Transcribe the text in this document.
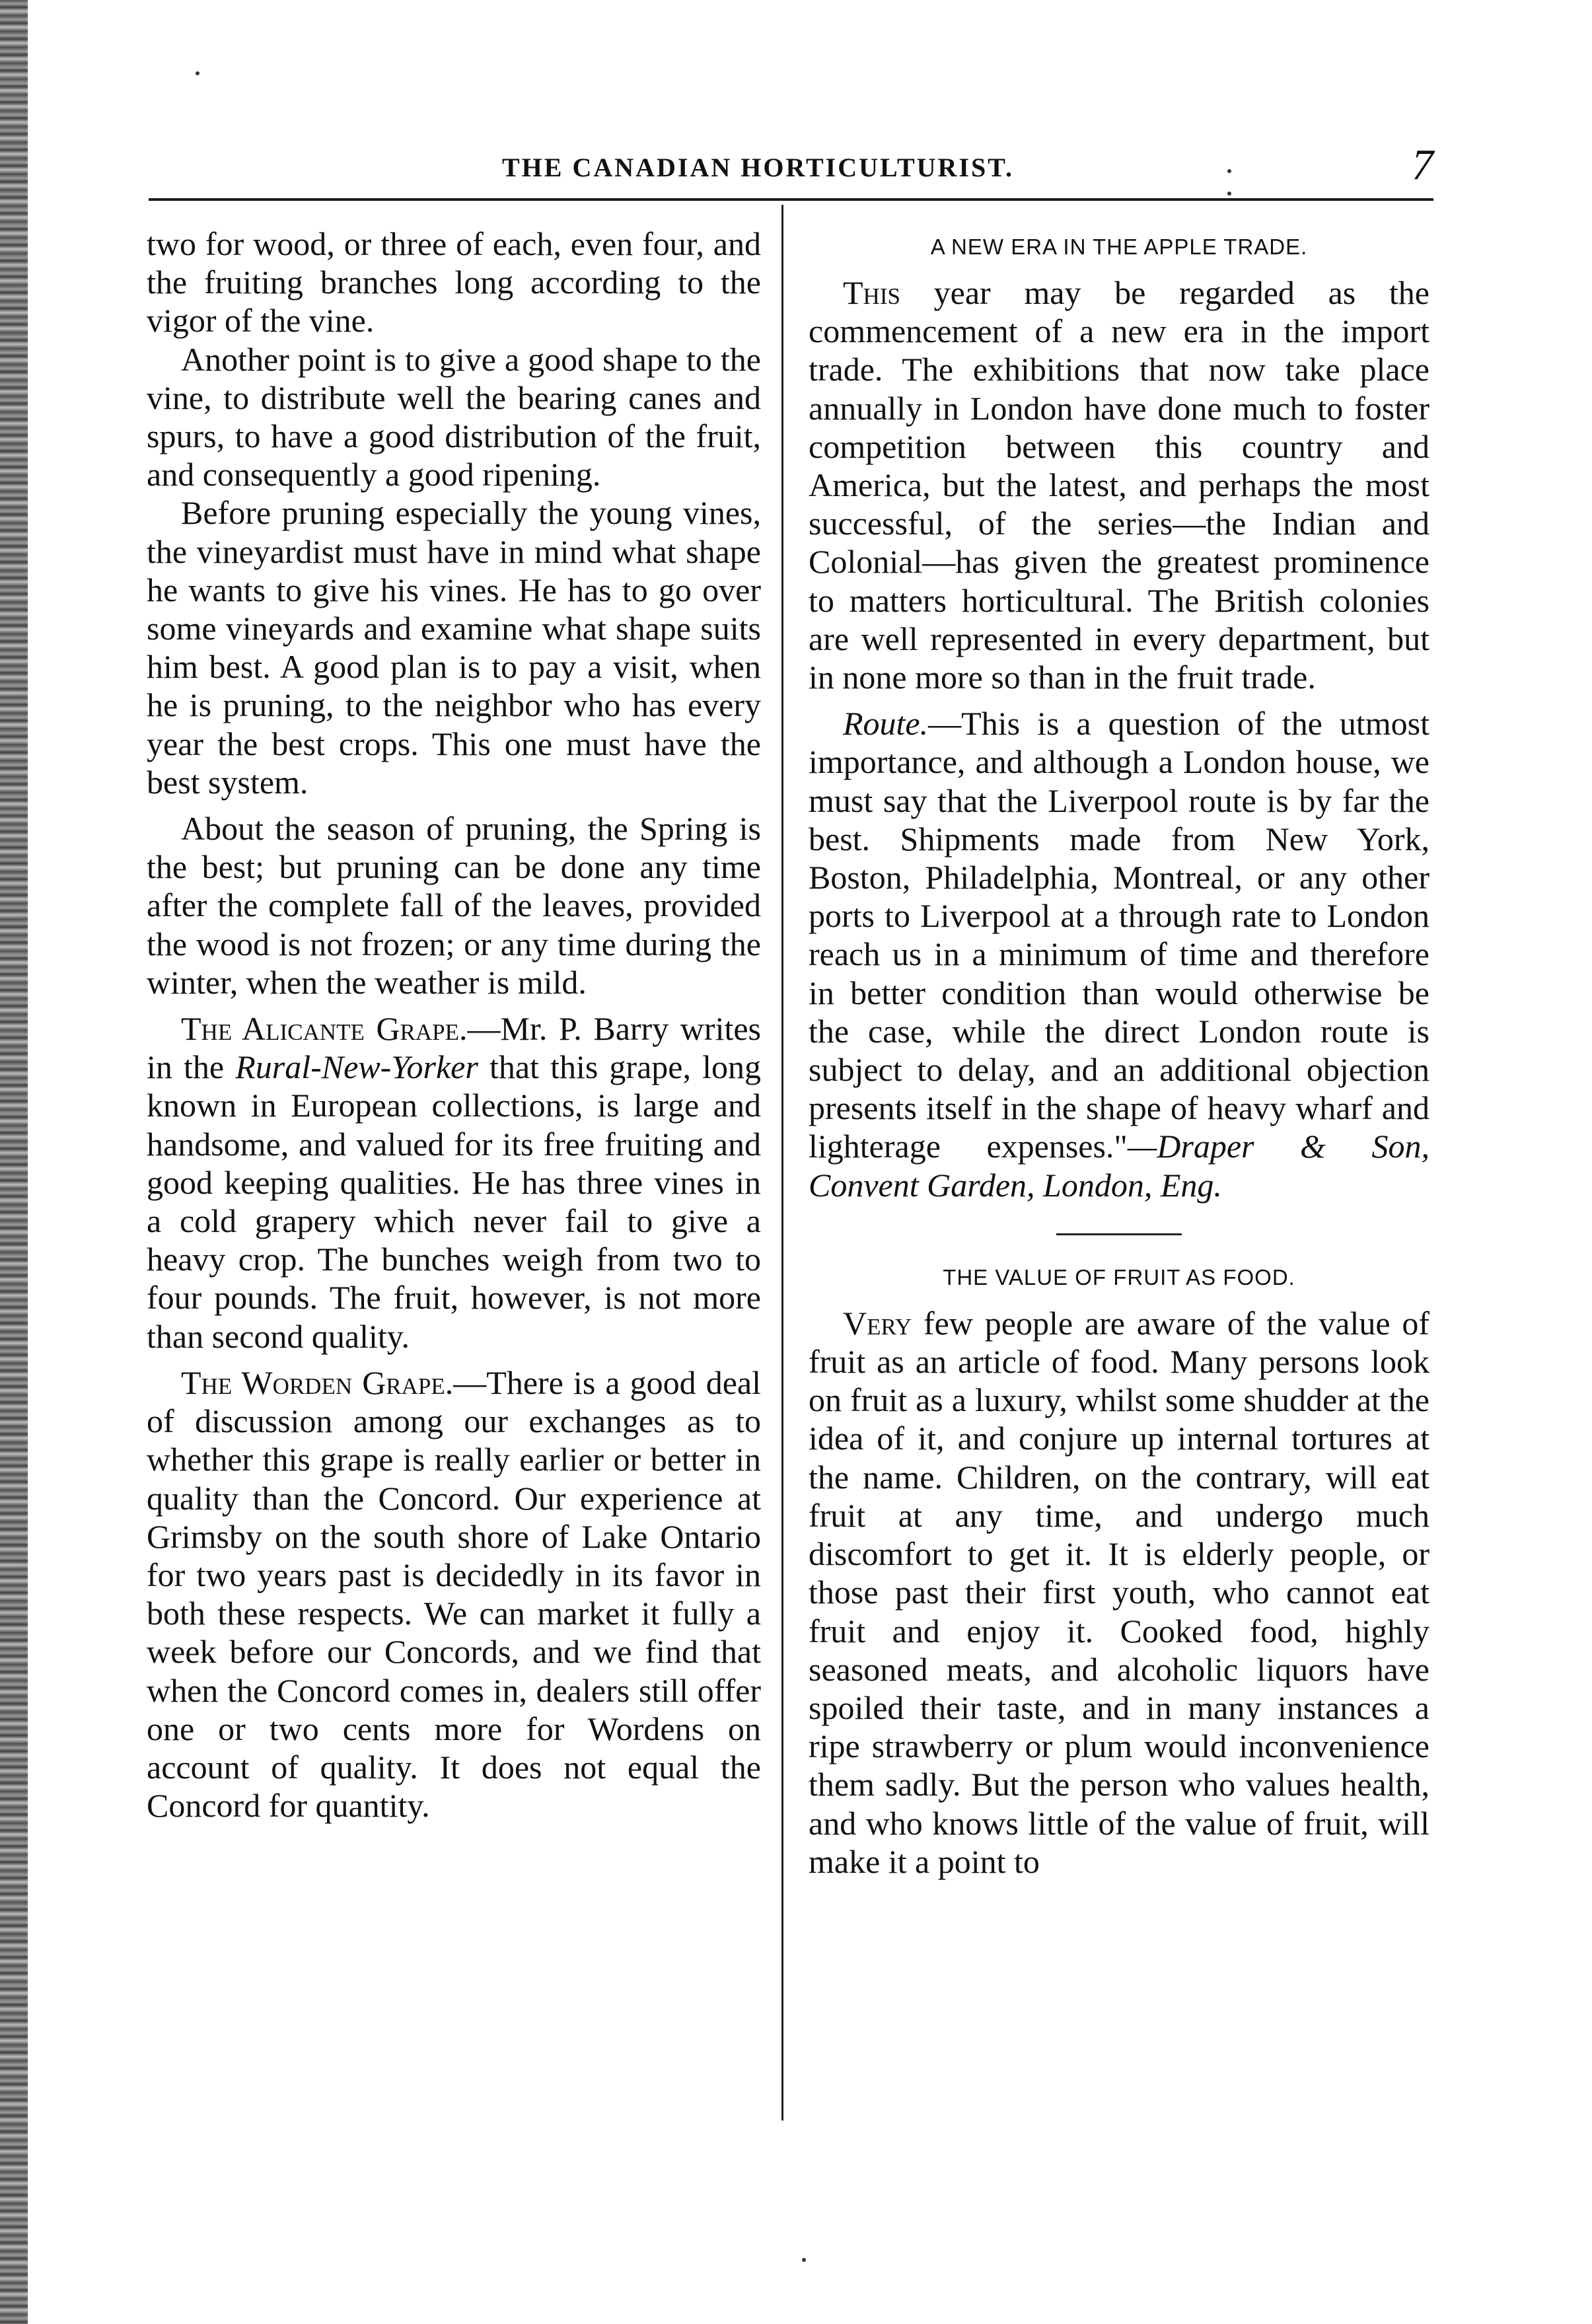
THE CANADIAN HORTICULTURIST.	7

two for wood, or three of each, even four, and the fruiting branches long according to the vigor of the vine.

Another point is to give a good shape to the vine, to distribute well the bearing canes and spurs, to have a good distribution of the fruit, and consequently a good ripening.

Before pruning especially the young vines, the vineyardist must have in mind what shape he wants to give his vines. He has to go over some vineyards and examine what shape suits him best. A good plan is to pay a visit, when he is pruning, to the neighbor who has every year the best crops. This one must have the best system.

About the season of pruning, the Spring is the best; but pruning can be done any time after the complete fall of the leaves, provided the wood is not frozen; or any time during the winter, when the weather is mild.

The Alicante Grape.—Mr. P. Barry writes in the Rural-New-Yorker that this grape, long known in European collections, is large and handsome, and valued for its free fruiting and good keeping qualities. He has three vines in a cold grapery which never fail to give a heavy crop. The bunches weigh from two to four pounds. The fruit, however, is not more than second quality.

The Worden Grape.—There is a good deal of discussion among our exchanges as to whether this grape is really earlier or better in quality than the Concord. Our experience at Grimsby on the south shore of Lake Ontario for two years past is decidedly in its favor in both these respects. We can market it fully a week before our Concords, and we find that when the Concord comes in, dealers still offer one or two cents more for Wordens on account of quality. It does not equal the Concord for quantity.

A NEW ERA IN THE APPLE TRADE.

This year may be regarded as the commencement of a new era in the import trade. The exhibitions that now take place annually in London have done much to foster competition between this country and America, but the latest, and perhaps the most successful, of the series—the Indian and Colonial—has given the greatest prominence to matters horticultural. The British colonies are well represented in every department, but in none more so than in the fruit trade.

Route.—This is a question of the utmost importance, and although a London house, we must say that the Liverpool route is by far the best. Shipments made from New York, Boston, Philadelphia, Montreal, or any other ports to Liverpool at a through rate to London reach us in a minimum of time and therefore in better condition than would otherwise be the case, while the direct London route is subject to delay, and an additional objection presents itself in the shape of heavy wharf and lighterage expenses."—Draper & Son, Convent Garden, London, Eng.

THE VALUE OF FRUIT AS FOOD.

Very few people are aware of the value of fruit as an article of food. Many persons look on fruit as a luxury, whilst some shudder at the idea of it, and conjure up internal tortures at the name. Children, on the contrary, will eat fruit at any time, and undergo much discomfort to get it. It is elderly people, or those past their first youth, who cannot eat fruit and enjoy it. Cooked food, highly seasoned meats, and alcoholic liquors have spoiled their taste, and in many instances a ripe strawberry or plum would inconvenience them sadly. But the person who values health, and who knows little of the value of fruit, will make it a point to
